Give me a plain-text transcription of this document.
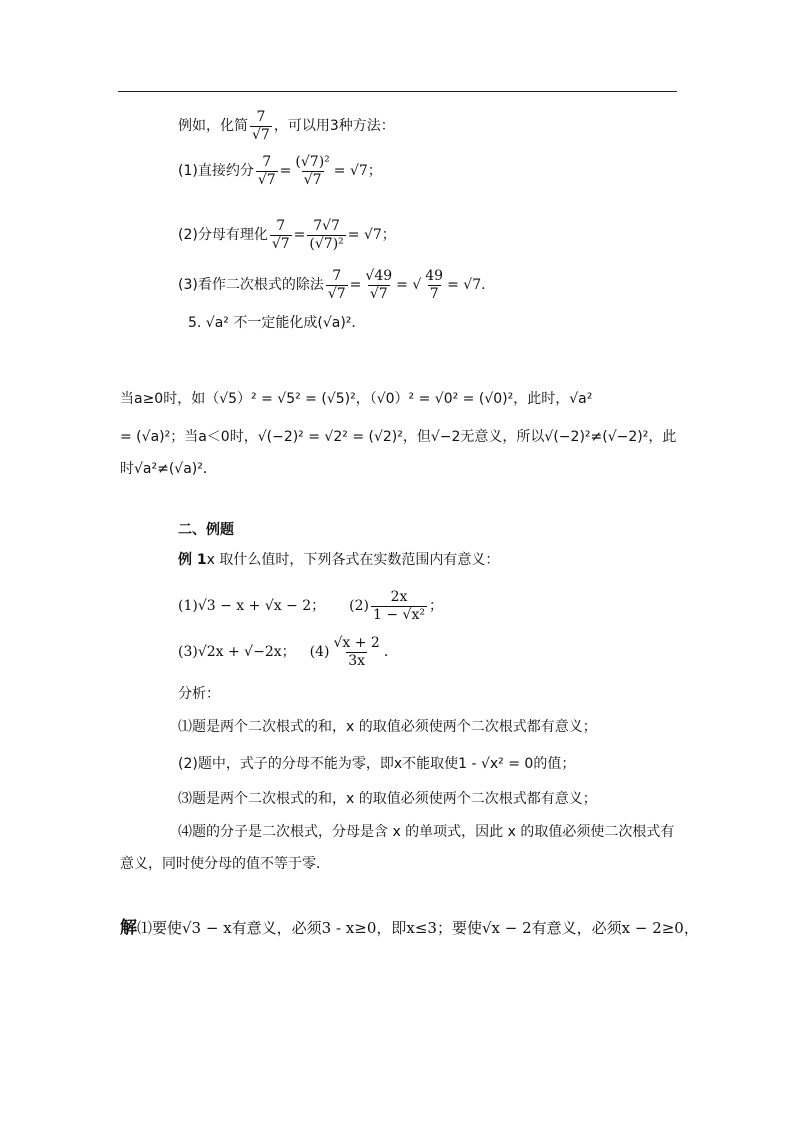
例如，化简 $\frac{7}{√7}$ ，可以用3种方法：
(1)直接约分 $\frac{7}{√7} = \frac{\text{(√7)²}}{√7} = √7$；
(2)分母有理化 $\frac{7}{√7} = \frac{7√7}{\text{(√7)²}} = √7$；
(3)看作二次根式的除法 $\frac{7}{√7} = \frac{√49}{√7}$ = √ $\frac{49}{7} = √7$.
5. √a² 不一定能化成(√a)²．
当a≥0时，如（√5）² = √5² = (√5)²，（√0）² = √0² = (√0)²，此时，√a²
= (√a)²；当a＜0时，√(−2)² = √2² = (√2)²，但√−2无意义，所以√(−2)²≠(√−2)²，此
时√a²≠(√a)²．
二、例题
例 1 x 取什么值时，下列各式在实数范围内有意义：
(1)√3 − x + √x − 2； $(2) \frac{2x}{\text{1 − √x²}}$ ；
(3)√2x + √−2x； $(4) \frac{√x + 2}{3x}$ ．
分析：
⑴题是两个二次根式的和，x 的取值必须使两个二次根式都有意义；
(2)题中，式子的分母不能为零，即x不能取使1 - √x² = 0的值；
⑶题是两个二次根式的和，x 的取值必须使两个二次根式都有意义；
⑷题的分子是二次根式，分母是含 x 的单项式，因此 x 的取值必须使二次根式有
意义，同时使分母的值不等于零．
解 ⑴要使√3 − x有意义，必须3 - x≥0，即x≤3；要使√x − 2有意义，必须x − 2≥0，
